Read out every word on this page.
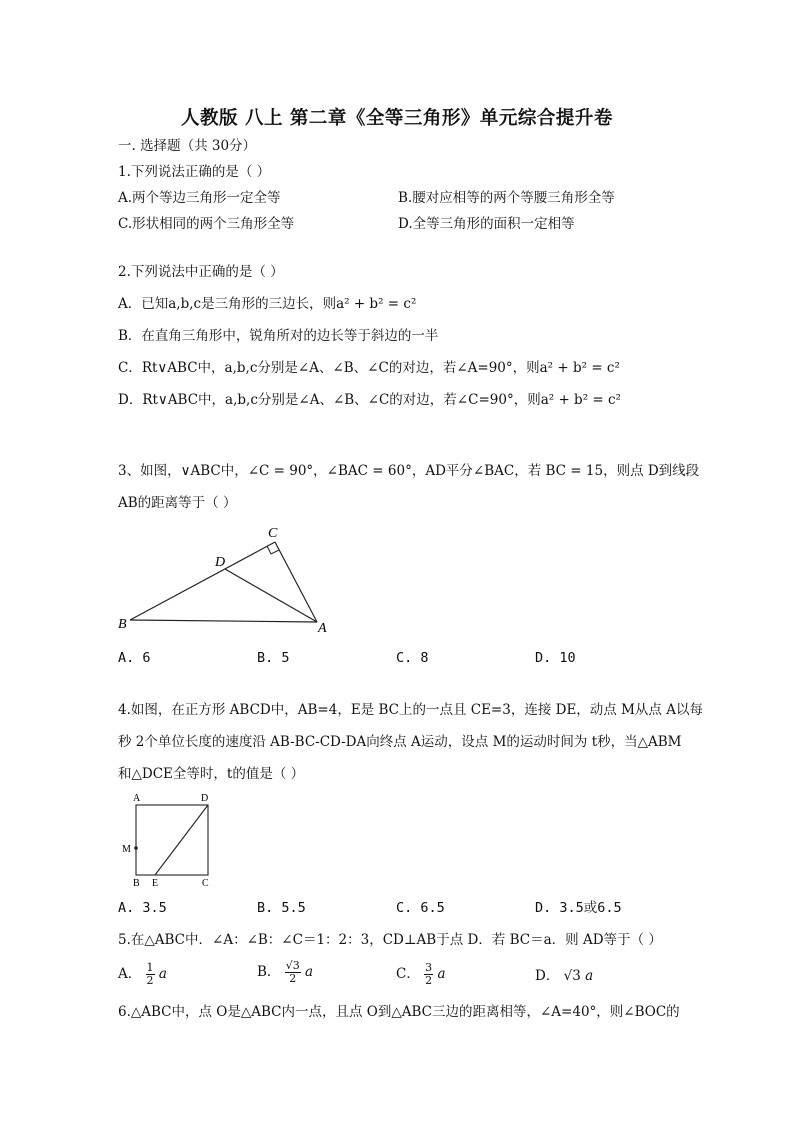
人教版 八上 第二章《全等三角形》单元综合提升卷
一. 选择题（共 30分）
1.下列说法正确的是（ ）
A.两个等边三角形一定全等	B.腰对应相等的两个等腰三角形全等
C.形状相同的两个三角形全等	D.全等三角形的面积一定相等
2.下列说法中正确的是（ ）
A．已知a,b,c是三角形的三边长，则a² + b² = c²
B．在直角三角形中，锐角所对的边长等于斜边的一半
C．Rt∨ABC中，a,b,c分别是∠A、∠B、∠C的对边，若∠A=90°，则a² + b² = c²
D．Rt∨ABC中，a,b,c分别是∠A、∠B、∠C的对边，若∠C=90°，则a² + b² = c²
3、如图，∨ABC中，∠C = 90°，∠BAC = 60°，AD平分∠BAC，若 BC = 15，则点 D到线段
AB的距离等于（ ）
C
D
B	A
A. 6	B. 5	C. 8	D. 10
4.如图，在正方形 ABCD中，AB=4，E是 BC上的一点且 CE=3，连接 DE，动点 M从点 A以每
秒 2个单位长度的速度沿 AB-BC-CD-DA向终点 A运动，设点 M的运动时间为 t秒，当△ABM
和△DCE全等时，t的值是（ ）
A	D
M
B E	C
A. 3.5	B. 5.5	C. 6.5	D. 3.5或6.5
5.在△ABC中．∠A：∠B：∠C＝1：2：3，CD⊥AB于点 D．若 BC＝a．则 AD等于（ ）
A． $\frac{1}{2}$ a	B． $\frac{√3}{2}$ a	C． $\frac{3}{2}$ a	D． √3 a
6.△ABC中，点 O是△ABC内一点，且点 O到△ABC三边的距离相等，∠A=40°，则∠BOC的
